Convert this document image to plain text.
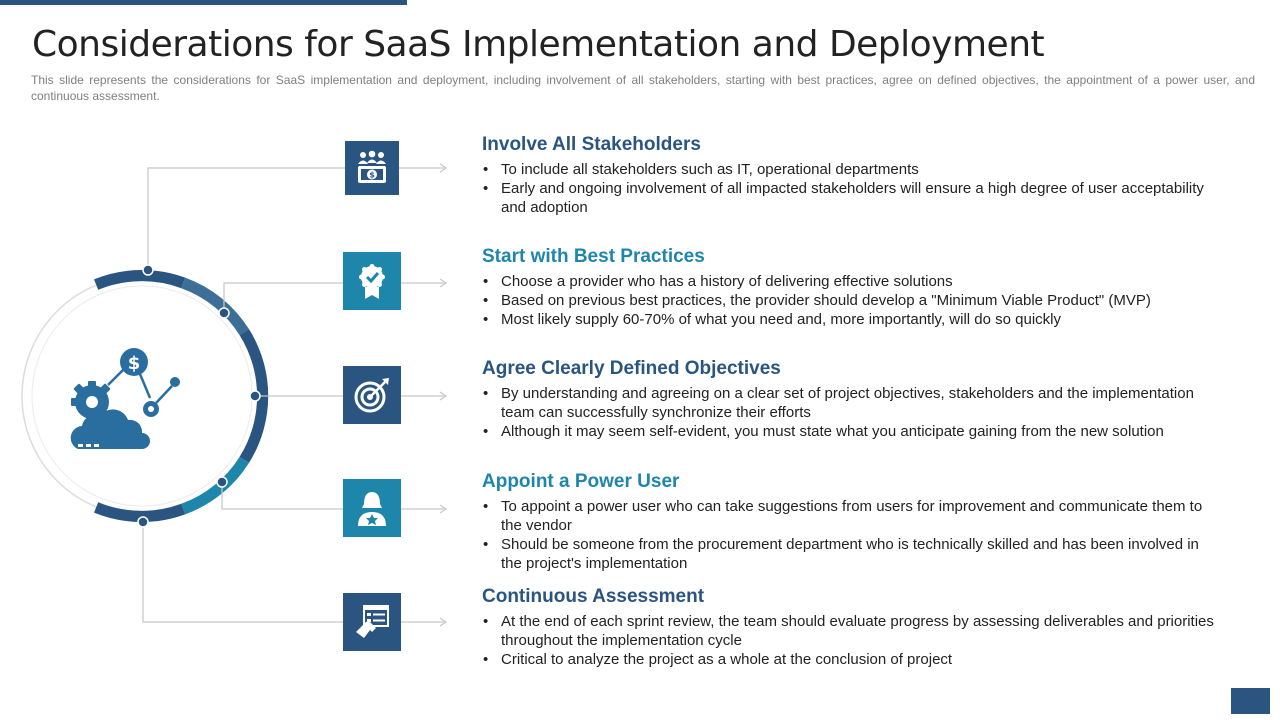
Considerations for SaaS Implementation and Deployment

This slide represents the considerations for SaaS implementation and deployment, including involvement of all stakeholders, starting with best practices, agree on defined objectives, the appointment of a power user, and continuous assessment.

$
$
Involve All Stakeholders
• To include all stakeholders such as IT, operational departments
• Early and ongoing involvement of all impacted stakeholders will ensure a high degree of user acceptability and adoption
Start with Best Practices
• Choose a provider who has a history of delivering effective solutions
• Based on previous best practices, the provider should develop a "Minimum Viable Product" (MVP)
• Most likely supply 60-70% of what you need and, more importantly, will do so quickly
Agree Clearly Defined Objectives
• By understanding and agreeing on a clear set of project objectives, stakeholders and the implementation team can successfully synchronize their efforts
• Although it may seem self-evident, you must state what you anticipate gaining from the new solution
Appoint a Power User
• To appoint a power user who can take suggestions from users for improvement and communicate them to the vendor
• Should be someone from the procurement department who is technically skilled and has been involved in the project's implementation
Continuous Assessment
• At the end of each sprint review, the team should evaluate progress by assessing deliverables and priorities throughout the implementation cycle
• Critical to analyze the project as a whole at the conclusion of project
